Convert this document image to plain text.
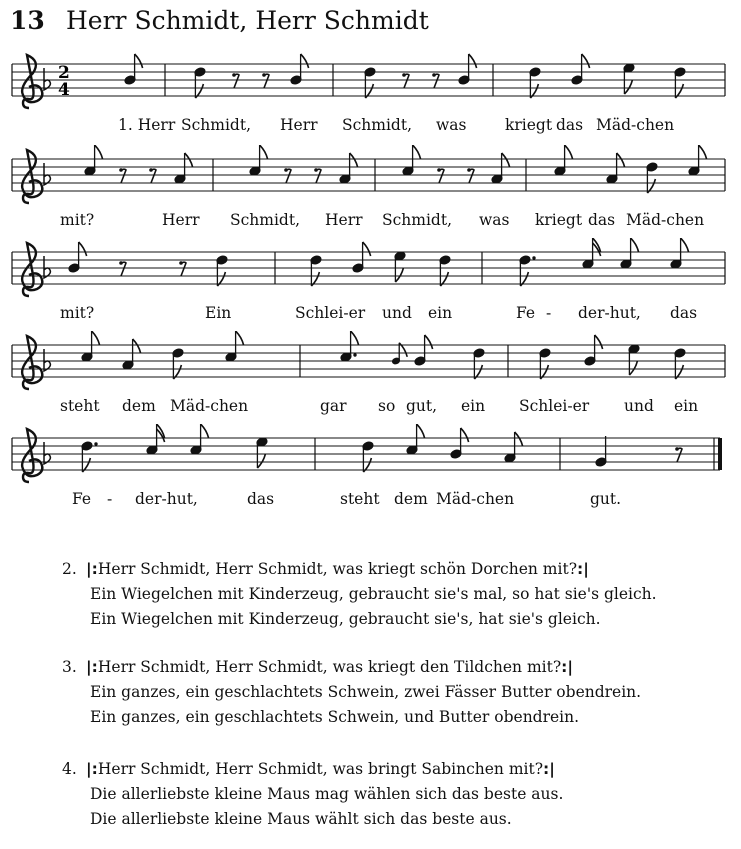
13 Herr Schmidt, Herr Schmidt
2
4
1. Herr Schmidt, Herr Schmidt, was kriegt das Mäd-chen
mit?	Herr Schmidt, Herr Schmidt, was kriegt das Mäd-chen
mit?	Ein	Schlei-er und ein	Fe - der-hut, das
steht dem Mäd-chen	gar so gut, ein Schlei-er und ein
Fe - der-hut,	das	steht dem Mäd-chen	gut.
2. |:Herr Schmidt, Herr Schmidt, was kriegt schön Dorchen mit?:|
Ein Wiegelchen mit Kinderzeug, gebraucht sie's mal, so hat sie's gleich.
Ein Wiegelchen mit Kinderzeug, gebraucht sie's, hat sie's gleich.
3. |:Herr Schmidt, Herr Schmidt, was kriegt den Tildchen mit?:|
Ein ganzes, ein geschlachtets Schwein, zwei Fässer Butter obendrein.
Ein ganzes, ein geschlachtets Schwein, und Butter obendrein.
4. |:Herr Schmidt, Herr Schmidt, was bringt Sabinchen mit?:|
Die allerliebste kleine Maus mag wählen sich das beste aus.
Die allerliebste kleine Maus wählt sich das beste aus.
